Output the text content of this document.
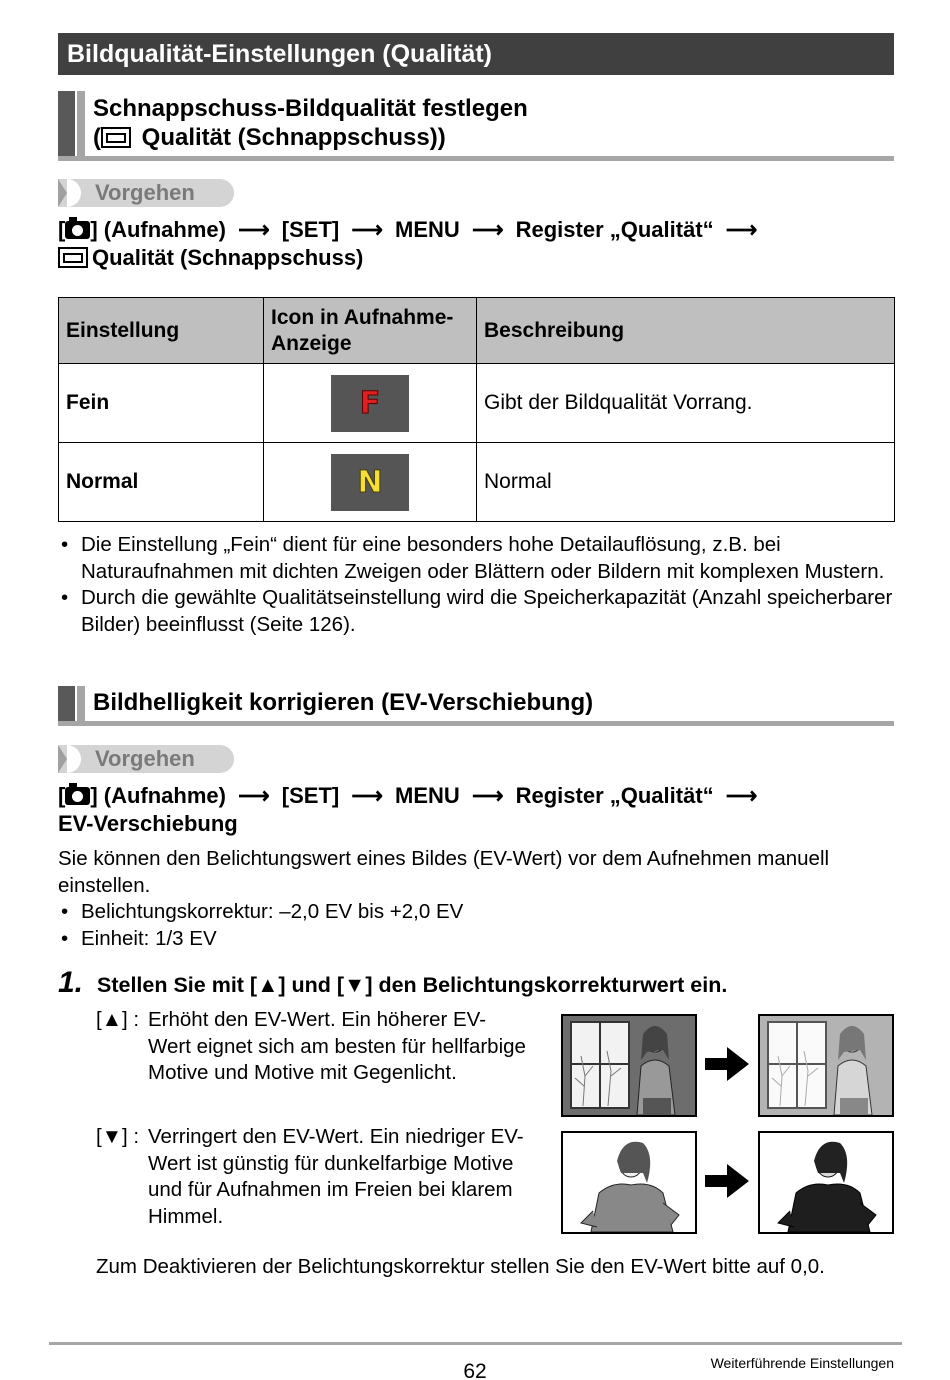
Bildqualität-Einstellungen (Qualität)
Schnappschuss-Bildqualität festlegen
( Qualität (Schnappschuss))
Vorgehen
[ ] (Aufnahme) ⟶ [SET] ⟶ MENU ⟶ Register „Qualität“ ⟶
Qualität (Schnappschuss)
Einstellung	Icon in Aufnahme-Anzeige	Beschreibung
Fein	F	Gibt der Bildqualität Vorrang.
Normal	N	Normal
• Die Einstellung „Fein“ dient für eine besonders hohe Detailauflösung, z.B. bei Naturaufnahmen mit dichten Zweigen oder Blättern oder Bildern mit komplexen Mustern.
• Durch die gewählte Qualitätseinstellung wird die Speicherkapazität (Anzahl speicherbarer Bilder) beeinflusst (Seite 126).
Bildhelligkeit korrigieren (EV-Verschiebung)
Vorgehen
[ ] (Aufnahme) ⟶ [SET] ⟶ MENU ⟶ Register „Qualität“ ⟶
EV-Verschiebung
Sie können den Belichtungswert eines Bildes (EV-Wert) vor dem Aufnehmen manuell einstellen.
• Belichtungskorrektur: –2,0 EV bis +2,0 EV
• Einheit: 1/3 EV
1. Stellen Sie mit [▲] und [▼] den Belichtungskorrekturwert ein.
[▲] : Erhöht den EV-Wert. Ein höherer EV-Wert eignet sich am besten für hellfarbige Motive und Motive mit Gegenlicht.
[▼] : Verringert den EV-Wert. Ein niedriger EV-Wert ist günstig für dunkelfarbige Motive und für Aufnahmen im Freien bei klarem Himmel.
Zum Deaktivieren der Belichtungskorrektur stellen Sie den EV-Wert bitte auf 0,0.
62	Weiterführende Einstellungen
